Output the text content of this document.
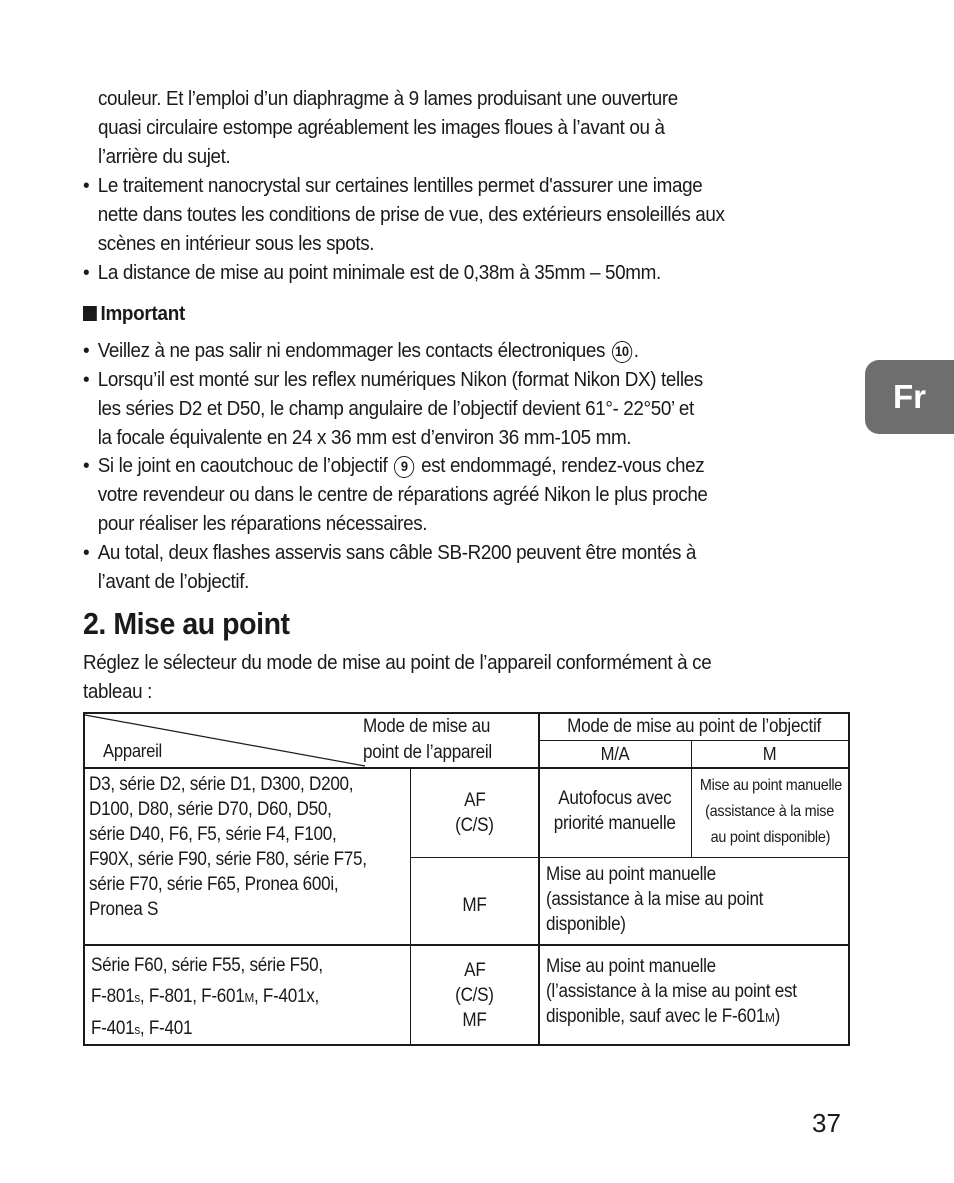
couleur. Et l’emploi d’un diaphragme à 9 lames produisant une ouverture
quasi circulaire estompe agréablement les images floues à l’avant ou à
l’arrière du sujet.
• Le traitement nanocrystal sur certaines lentilles permet d'assurer une image
nette dans toutes les conditions de prise de vue, des extérieurs ensoleillés aux
scènes en intérieur sous les spots.
• La distance de mise au point minimale est de 0,38m à 35mm – 50mm.
Important
• Veillez à ne pas salir ni endommager les contacts électroniques 10 .
• Lorsqu’il est monté sur les reflex numériques Nikon (format Nikon DX) telles
les séries D2 et D50, le champ angulaire de l’objectif devient 61°- 22°50’ et
la focale équivalente en 24 x 36 mm est d’environ 36 mm-105 mm.
• Si le joint en caoutchouc de l’objectif 9 est endommagé, rendez-vous chez
votre revendeur ou dans le centre de réparations agréé Nikon le plus proche
pour réaliser les réparations nécessaires.
• Au total, deux flashes asservis sans câble SB-R200 peuvent être montés à
l’avant de l’objectif.
2. Mise au point
Réglez le sélecteur du mode de mise au point de l’appareil conformément à ce
tableau :
Appareil
Mode de mise au
point de l’appareil
Mode de mise au point de l’objectif
M/A	M
D3, série D2, série D1, D300, D200,
D100, D80, série D70, D60, D50,
série D40, F6, F5, série F4, F100,
F90X, série F90, série F80, série F75,
série F70, série F65, Pronea 600i,
Pronea S
AF
(C/S)
Autofocus avec
priorité manuelle
Mise au point manuelle
(assistance à la mise
au point disponible)
MF
Mise au point manuelle
(assistance à la mise au point
disponible)
Série F60, série F55, série F50,
F-801s, F-801, F-601M, F-401x,
F-401s, F-401
AF
(C/S)
MF
Mise au point manuelle
(l’assistance à la mise au point est
disponible, sauf avec le F-601M)
Fr
37
